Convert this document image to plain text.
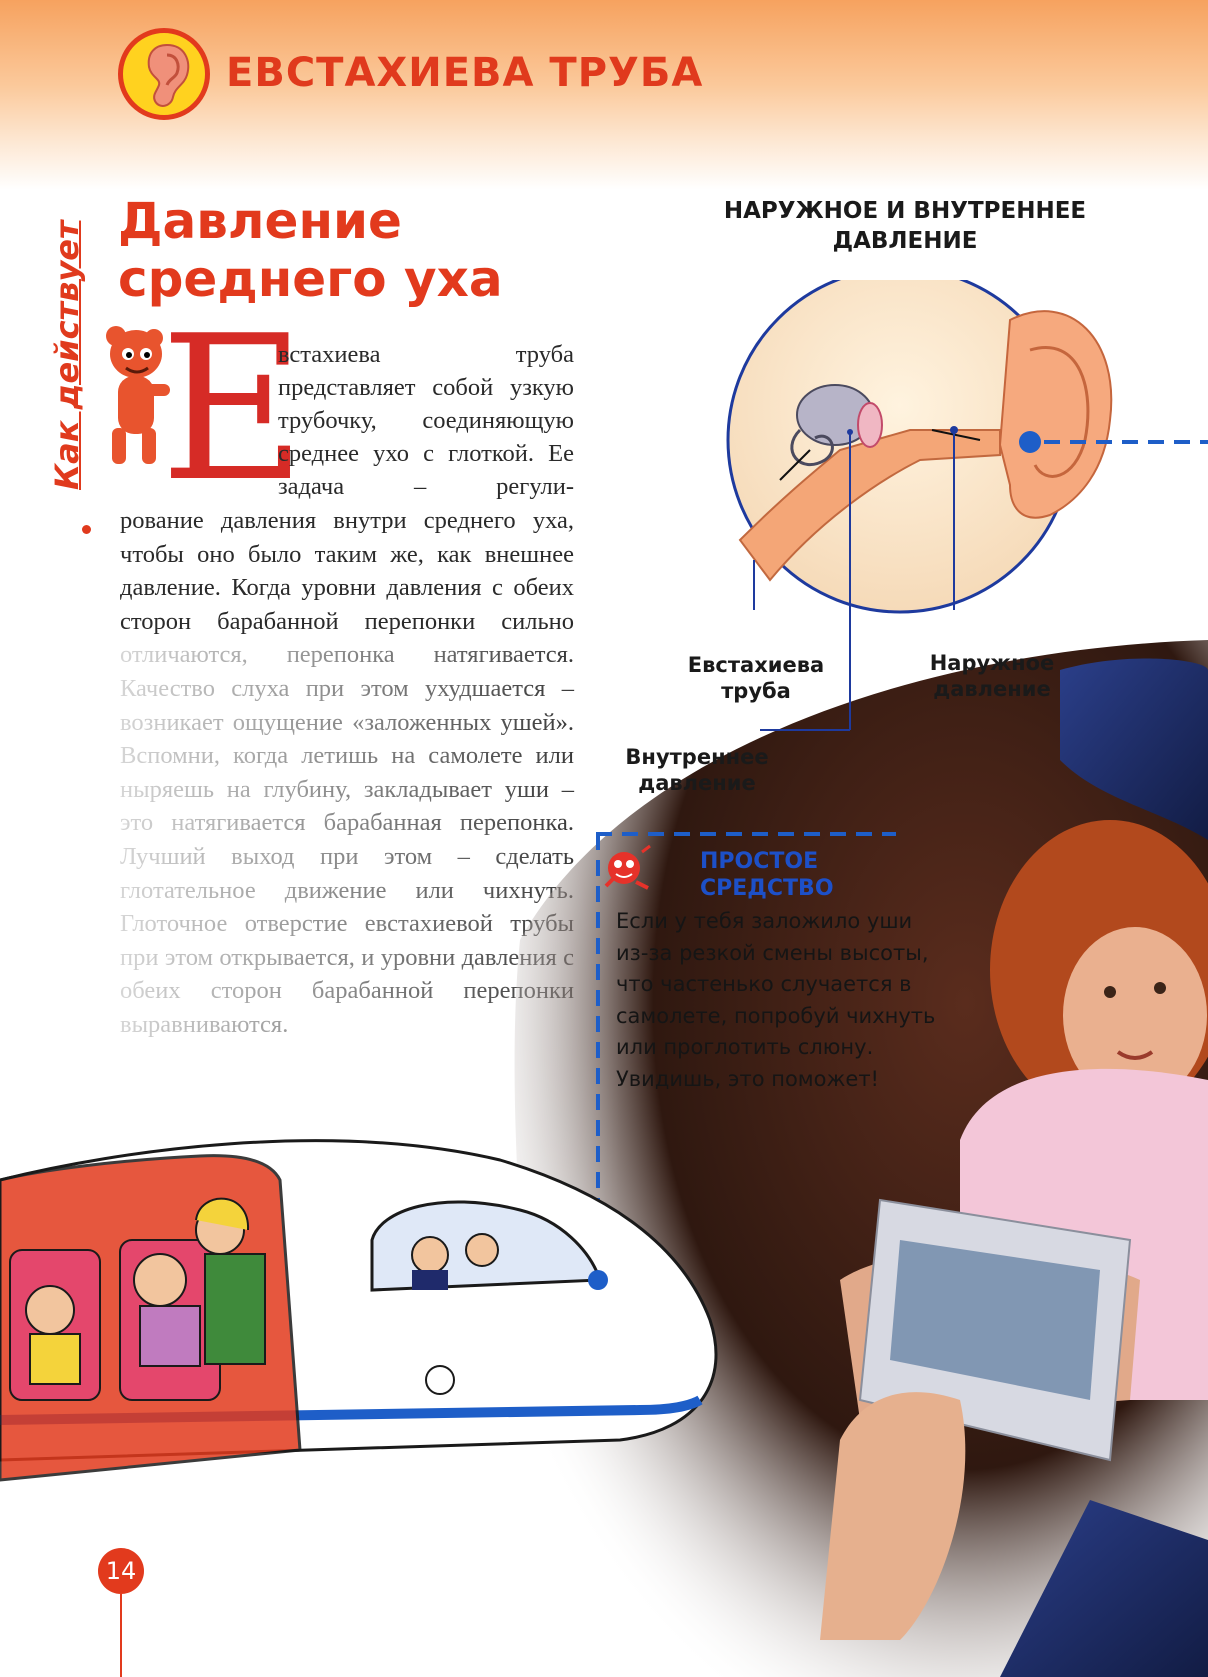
ЕВСТАХИЕВА ТРУБА
Как действует Давление
среднего уха
Е

встахиева труба представляет собой узкую трубочку, соединяющую среднее ухо с глоткой. Ее задача – регули-

рование давления внутри среднего уха, чтобы оно было таким же, как внешнее давление. Когда уровни давления с обеих сторон барабанной перепонки сильно

НАРУЖНОЕ И ВНУТРЕННЕЕ
ДАВЛЕНИЕ
Евстахиева
труба
Наружное
давление
Внутреннее
давление
ПРОСТОЕ
СРЕДСТВО

Если у тебя заложило уши из-за резкой смены высоты, что частенько случается в самолете, попробуй чихнуть или проглотить слюну. Увидишь, это поможет!

14
